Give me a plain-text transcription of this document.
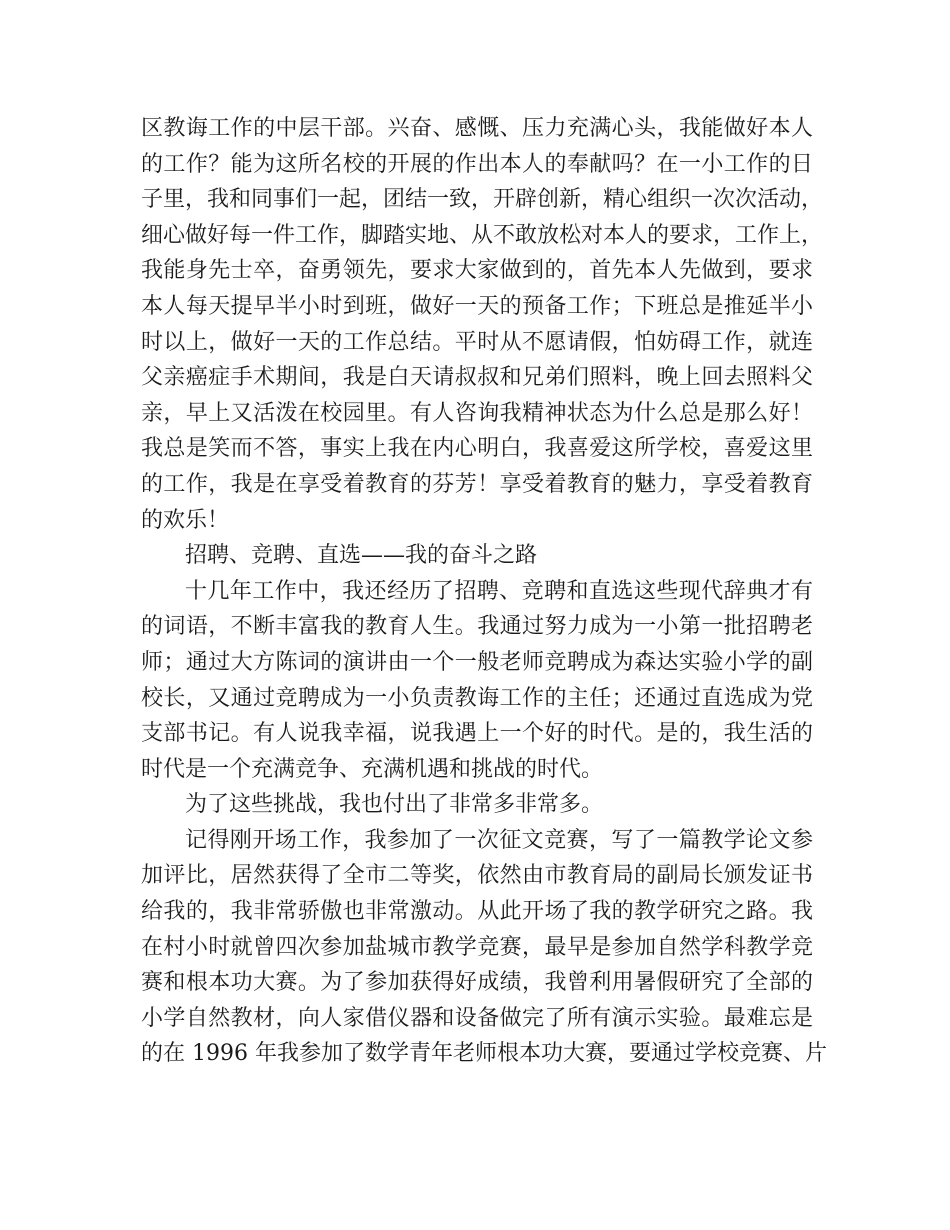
区教诲工作的中层干部。兴奋、感慨、压力充满心头，我能做好本人
的工作？能为这所名校的开展的作出本人的奉献吗？在一小工作的日
子里，我和同事们一起，团结一致，开辟创新，精心组织一次次活动，
细心做好每一件工作，脚踏实地、从不敢放松对本人的要求，工作上，
我能身先士卒，奋勇领先，要求大家做到的，首先本人先做到，要求
本人每天提早半小时到班，做好一天的预备工作；下班总是推延半小
时以上，做好一天的工作总结。平时从不愿请假，怕妨碍工作，就连
父亲癌症手术期间，我是白天请叔叔和兄弟们照料，晚上回去照料父
亲，早上又活泼在校园里。有人咨询我精神状态为什么总是那么好！
我总是笑而不答，事实上我在内心明白，我喜爱这所学校，喜爱这里
的工作，我是在享受着教育的芬芳！享受着教育的魅力，享受着教育
的欢乐！
招聘、竞聘、直选——我的奋斗之路
十几年工作中，我还经历了招聘、竞聘和直选这些现代辞典才有
的词语，不断丰富我的教育人生。我通过努力成为一小第一批招聘老
师；通过大方陈词的演讲由一个一般老师竞聘成为森达实验小学的副
校长，又通过竞聘成为一小负责教诲工作的主任；还通过直选成为党
支部书记。有人说我幸福，说我遇上一个好的时代。是的，我生活的
时代是一个充满竞争、充满机遇和挑战的时代。
为了这些挑战，我也付出了非常多非常多。
记得刚开场工作，我参加了一次征文竞赛，写了一篇教学论文参
加评比，居然获得了全市二等奖，依然由市教育局的副局长颁发证书
给我的，我非常骄傲也非常激动。从此开场了我的教学研究之路。我
在村小时就曾四次参加盐城市教学竞赛，最早是参加自然学科教学竞
赛和根本功大赛。为了参加获得好成绩，我曾利用暑假研究了全部的
小学自然教材，向人家借仪器和设备做完了所有演示实验。最难忘是
的在 1996 年我参加了数学青年老师根本功大赛，要通过学校竞赛、片
